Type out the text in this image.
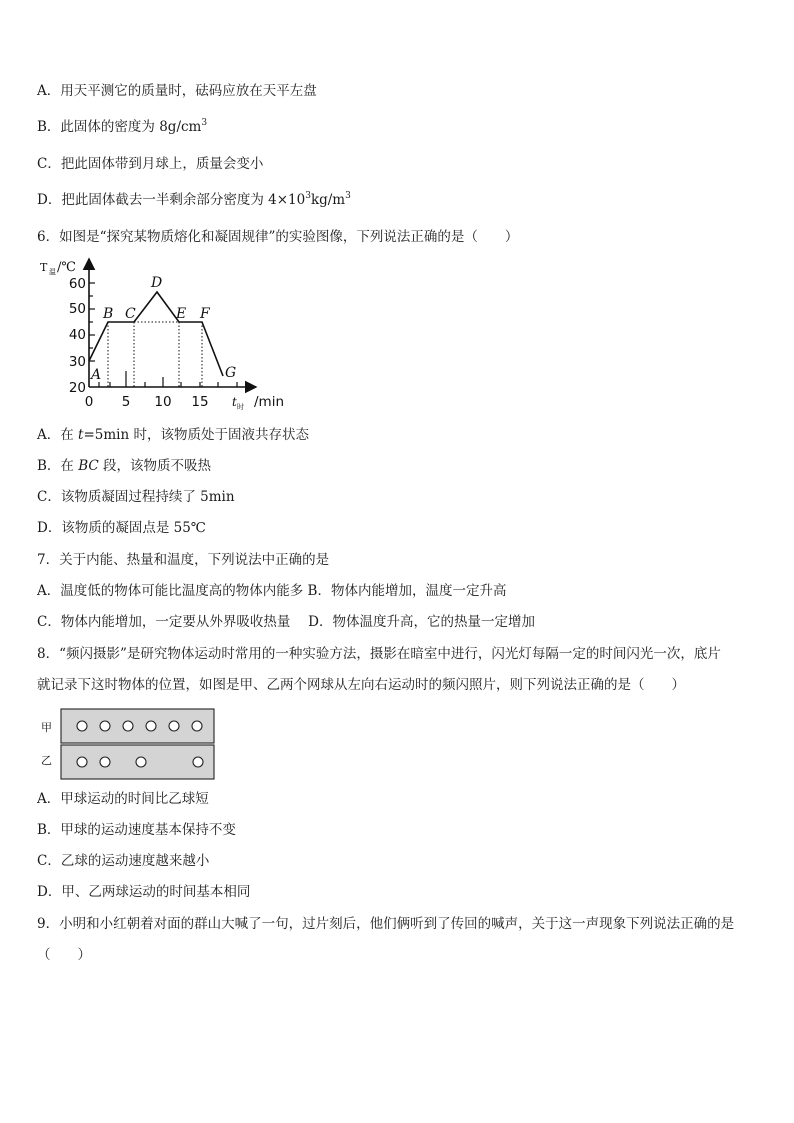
A．用天平测它的质量时，砝码应放在天平左盘
B．此固体的密度为 $8g/cm^3$
C．把此固体带到月球上，质量会变小
D．把此固体截去一半剩余部分密度为 $4\times 10^3kg/m^3$
6．如图是“探究某物质熔化和凝固规律”的实验图像，下列说法正确的是（　　）
T 温 /℃
20
30
40
50
60
0 5 10 15 t 时 /min
A
B C
D
E F
G
A．在 t=5min 时，该物质处于固液共存状态
B．在 BC 段，该物质不吸热
C．该物质凝固过程持续了 5min
D．该物质的凝固点是 55℃
7．关于内能、热量和温度，下列说法中正确的是
A．温度低的物体可能比温度高的物体内能多 B．物体内能增加，温度一定升高
C．物体内能增加，一定要从外界吸收热量　 D．物体温度升高，它的热量一定增加
8．“频闪摄影”是研究物体运动时常用的一种实验方法，摄影在暗室中进行，闪光灯每隔一定的时间闪光一次，底片
就记录下这时物体的位置，如图是甲、乙两个网球从左向右运动时的频闪照片，则下列说法正确的是（　　）
甲
乙
A．甲球运动的时间比乙球短
B．甲球的运动速度基本保持不变
C．乙球的运动速度越来越小
D．甲、乙两球运动的时间基本相同
9．小明和小红朝着对面的群山大喊了一句，过片刻后，他们俩听到了传回的喊声，关于这一声现象下列说法正确的是
（　　）
